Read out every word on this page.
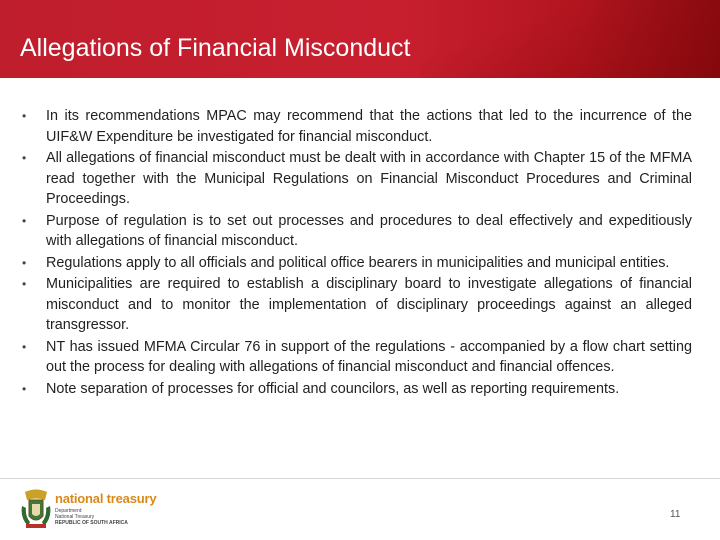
Allegations of Financial Misconduct
• In its recommendations MPAC may recommend that the actions that led to the incurrence of the UIF&W Expenditure be investigated for financial misconduct.
• All allegations of financial misconduct must be dealt with in accordance with Chapter 15 of the MFMA read together with the Municipal Regulations on Financial Misconduct Procedures and Criminal Proceedings.
• Purpose of regulation is to set out processes and procedures to deal effectively and expeditiously with allegations of financial misconduct.
• Regulations apply to all officials and political office bearers in municipalities and municipal entities.
• Municipalities are required to establish a disciplinary board to investigate allegations of financial misconduct and to monitor the implementation of disciplinary proceedings against an alleged transgressor.
• NT has issued MFMA Circular 76 in support of the regulations - accompanied by a flow chart setting out the process for dealing with allegations of financial misconduct and financial offences.
• Note separation of processes for official and councilors, as well as reporting requirements.
national treasury
Department:
National Treasury
REPUBLIC OF SOUTH AFRICA
11
